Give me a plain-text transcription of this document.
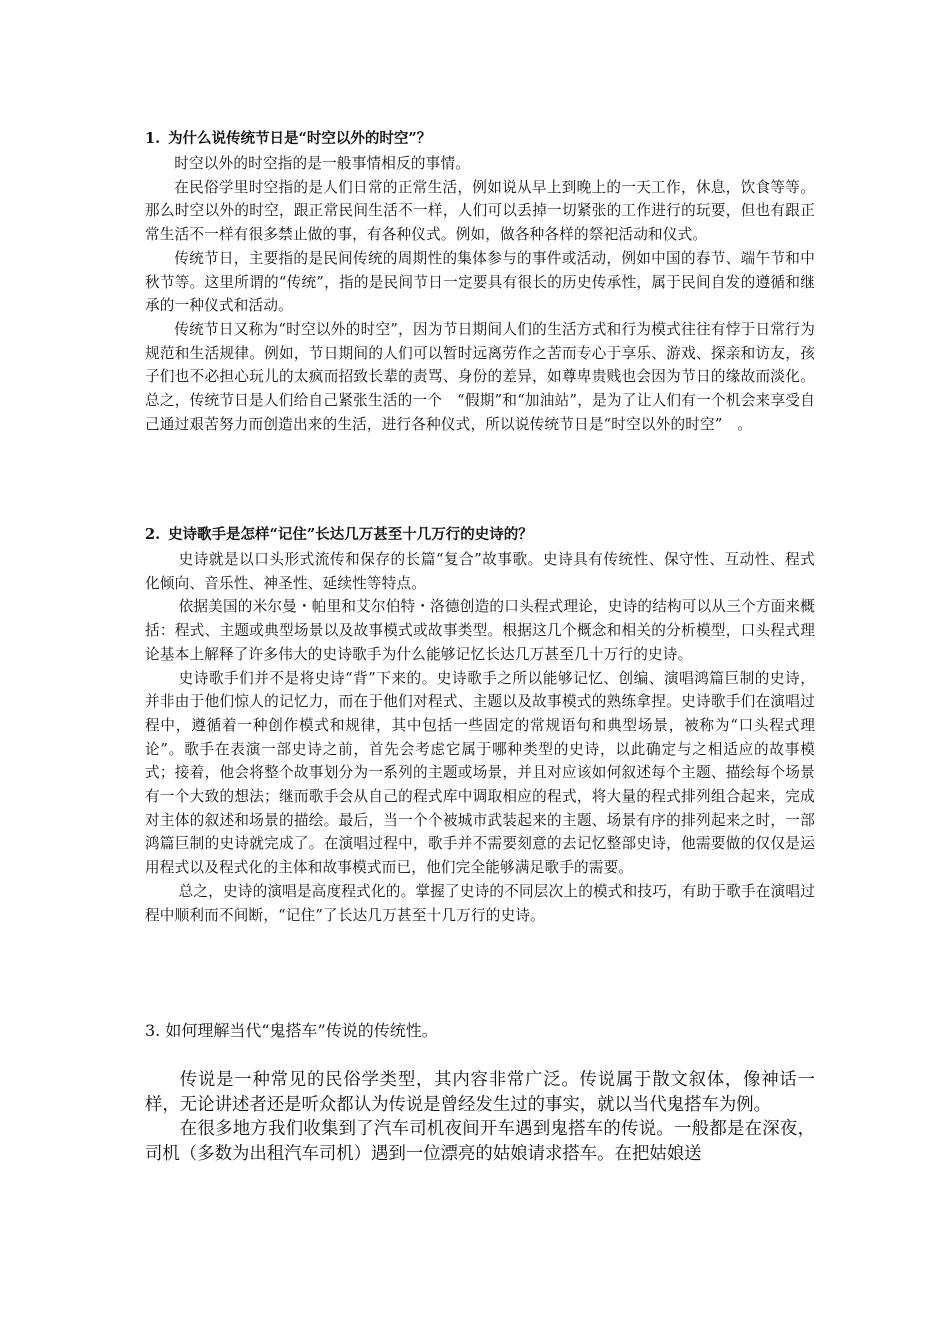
1. 为什么说传统节日是“时空以外的时空”？

时空以外的时空指的是一般事情相反的事情。

在民俗学里时空指的是人们日常的正常生活，例如说从早上到晚上的一天工作，休息，饮食等等。那么时空以外的时空，跟正常民间生活不一样，人们可以丢掉一切紧张的工作进行的玩要，但也有跟正常生活不一样有很多禁止做的事，有各种仪式。例如，做各种各样的祭祀活动和仪式。

传统节日，主要指的是民间传统的周期性的集体参与的事件或活动，例如中国的春节、端午节和中秋节等。这里所谓的“传统”，指的是民间节日一定要具有很长的历史传承性，属于民间自发的遵循和继承的一种仪式和活动。

传统节日又称为“时空以外的时空”，因为节日期间人们的生活方式和行为模式往往有悖于日常行为规范和生活规律。例如，节日期间的人们可以暂时远离劳作之苦而专心于享乐、游戏、探亲和访友，孩子们也不必担心玩儿的太疯而招致长辈的责骂、身份的差异，如尊卑贵贱也会因为节日的缘故而淡化。总之，传统节日是人们给自己紧张生活的一个　“假期”和“加油站”，是为了让人们有一个机会来享受自己通过艰苦努力而创造出来的生活，进行各种仪式，所以说传统节日是“时空以外的时空”　。

2. 史诗歌手是怎样“记住”长达几万甚至十几万行的史诗的？

史诗就是以口头形式流传和保存的长篇“复合”故事歌。史诗具有传统性、保守性、互动性、程式化倾向、音乐性、神圣性、延续性等特点。

依据美国的米尔曼・帕里和艾尔伯特・洛德创造的口头程式理论，史诗的结构可以从三个方面来概括：程式、主题或典型场景以及故事模式或故事类型。根据这几个概念和相关的分析模型，口头程式理论基本上解释了许多伟大的史诗歌手为什么能够记忆长达几万甚至几十万行的史诗。

史诗歌手们并不是将史诗“背”下来的。史诗歌手之所以能够记忆、创编、演唱鸿篇巨制的史诗，并非由于他们惊人的记忆力，而在于他们对程式、主题以及故事模式的熟练拿捏。史诗歌手们在演唱过程中，遵循着一种创作模式和规律，其中包括一些固定的常规语句和典型场景，被称为“口头程式理论”。歌手在表演一部史诗之前，首先会考虑它属于哪种类型的史诗，以此确定与之相适应的故事模式；接着，他会将整个故事划分为一系列的主题或场景，并且对应该如何叙述每个主题、描绘每个场景有一个大致的想法；继而歌手会从自己的程式库中调取相应的程式，将大量的程式排列组合起来，完成对主体的叙述和场景的描绘。最后，当一个个被城市武装起来的主题、场景有序的排列起来之时，一部鸿篇巨制的史诗就完成了。在演唱过程中，歌手并不需要刻意的去记忆整部史诗，他需要做的仅仅是运用程式以及程式化的主体和故事模式而已，他们完全能够满足歌手的需要。

总之，史诗的演唱是高度程式化的。掌握了史诗的不同层次上的模式和技巧，有助于歌手在演唱过程中顺利而不间断，“记住”了长达几万甚至十几万行的史诗。

3. 如何理解当代“鬼搭车”传说的传统性。

传说是一种常见的民俗学类型，其内容非常广泛。传说属于散文叙体，像神话一样，无论讲述者还是听众都认为传说是曾经发生过的事实，就以当代鬼搭车为例。

在很多地方我们收集到了汽车司机夜间开车遇到鬼搭车的传说。一般都是在深夜，司机（多数为出租汽车司机）遇到一位漂亮的姑娘请求搭车。在把姑娘送
